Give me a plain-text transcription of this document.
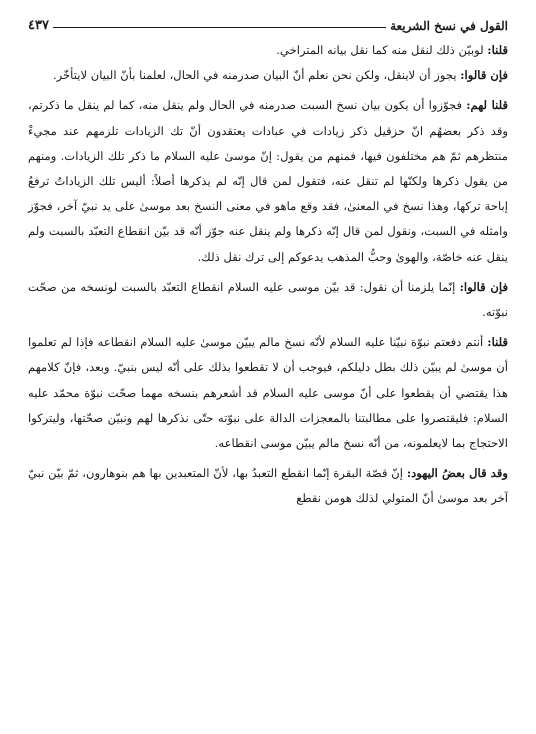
القول في نسخ الشريعة
٤٣٧

قلنا: لوبيّن ذلك لنقل منه كما نقل بيانه المتراخي.

فإن قالوا: يجوز أن لاينقل، ولكن نحن نعلم أنّ البيان صدرمنه في الحال، لعلمنا بأنّ البيان لايتأخّر.

قلنا لهم: فجوّزوا أن يكون بيان نسخ السبت صدرمنه في الحال ولم ينقل منه، كما لم ينقل ما ذكرتم، وقد ذكر بعضهُم انّ حزقيل ذكر زيادات في عبادات يعتقدون أنّ تك الزيادات تلزمهم عند مجيءْ منتظرهم ثمّ هم مختلفون فيها، فمنهم من يقول: إنّ موسىٰ عليه السلام ما ذكر تلك الزيادات. ومنهم من يقول ذكرها ولكنّها لم تنقل عنه، فتقول لمن قال إنّه لم يذكرها أصلاً: أليس تلك الزياداتُ ترفعُ إباحة تركها، وهذا نسخ في المعنىٰ، فقد وقع ماهو في معنى النسخ بعد موسىٰ على يد نبيّ آخر، فجوّز وامثله في السبت، ونقول لمن قال إنّه ذكرها ولم ينقل عنه جوّز أنّه قد بيّن انقطاع التعبّد بالسبت ولم ينقل عنه خاصّة، والهوىٰ وحبُّ المذهب يدعوكم إلى ترك نقل ذلك.

فإن قالوا: إنّما يلزمنا أن نقول: قد بيّن موسى عليه السلام انقطاع التعبّد بالسبت لونسخه من صحّت نبوّته.

قلنا: أنتم دفعتم نبوّة نبيّنا عليه السلام لأنّه نسخ مالم يبيّن موسىٰ عليه السلام انقطاعه فإذا لم تعلموا أن موسىٰ لم يبيّن ذلك بطل دليلكم، فيوجب أن لا تقطعوا بذلك على أنّه ليس بنبيّ. وبعد، فإنّ كلامهم هذا يقتضي أن يقطعوا على أنّ موسى عليه السلام قد أشعرهم بنسخه مهما صحّت نبوّة محمّد عليه السلام: فليقتصروا على مطالبتنا بالمعجزات الدالة على نبوّته حتّى نذكرها لهم ونبيّن صحّتها، وليتركوا الاحتجاج بما لايعلمونه، من أنّه نسخ مالم يبيّن موسى انقطاعه.

وقد قال بعضُ اليهود: إنّ قصّة البقرة إنّما انقطع التعبدُ بها، لأنّ المتعبدين بها هم بنوهارون، ثمّ بيّن نبيّ آخر بعد موسىٰ أنّ المتولي لذلك هومن نقطع
